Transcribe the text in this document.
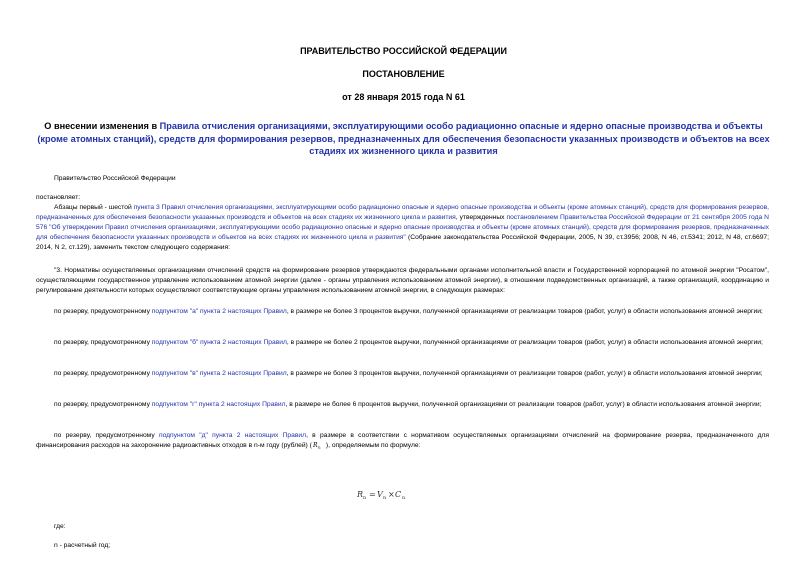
ПРАВИТЕЛЬСТВО РОССИЙСКОЙ ФЕДЕРАЦИИ
ПОСТАНОВЛЕНИЕ
от 28 января 2015 года N 61
О внесении изменения в Правила отчисления организациями, эксплуатирующими особо радиационно опасные и ядерно опасные производства и объекты (кроме атомных станций), средств для формирования резервов, предназначенных для обеспечения безопасности указанных производств и объектов на всех стадиях их жизненного цикла и развития
Правительство Российской Федерации
постановляет:
Абзацы первый - шестой пункта 3 Правил отчисления организациями, эксплуатирующими особо радиационно опасные и ядерно опасные производства и объекты (кроме атомных станций), средств для формирования резервов, предназначенных для обеспечения безопасности указанных производств и объектов на всех стадиях их жизненного цикла и развития, утвержденных постановлением Правительства Российской Федерации от 21 сентября 2005 года N 576 "Об утверждении Правил отчисления организациями, эксплуатирующими особо радиационно опасные и ядерно опасные производства и объекты (кроме атомных станций), средств для формирования резервов, предназначенных для обеспечения безопасности указанных производств и объектов на всех стадиях их жизненного цикла и развития" (Собрание законодательства Российской Федерации, 2005, N 39, ст.3956; 2008, N 46, ст.5341; 2012, N 48, ст.6697; 2014, N 2, ст.129), заменить текстом следующего содержания:
"3. Нормативы осуществляемых организациями отчислений средств на формирование резервов утверждаются федеральными органами исполнительной власти и Государственной корпорацией по атомной энергии "Росатом", осуществляющими государственное управление использованием атомной энергии (далее - органы управления использованием атомной энергии), в отношении подведомственных организаций, а также организаций, координацию и регулирование деятельности которых осуществляют соответствующие органы управления использованием атомной энергии, в следующих размерах:
по резерву, предусмотренному подпунктом "а" пункта 2 настоящих Правил, в размере не более 3 процентов выручки, полученной организациями от реализации товаров (работ, услуг) в области использования атомной энергии;
по резерву, предусмотренному подпунктом "б" пункта 2 настоящих Правил, в размере не более 2 процентов выручки, полученной организациями от реализации товаров (работ, услуг) в области использования атомной энергии;
по резерву, предусмотренному подпунктом "в" пункта 2 настоящих Правил, в размере не более 3 процентов выручки, полученной организациями от реализации товаров (работ, услуг) в области использования атомной энергии;
по резерву, предусмотренному подпунктом "г" пункта 2 настоящих Правил, в размере не более 6 процентов выручки, полученной организациями от реализации товаров (работ, услуг) в области использования атомной энергии;
по резерву, предусмотренному подпунктом "д" пункта 2 настоящих Правил, в размере в соответствии с нормативом осуществляемых организациями отчислений на формирование резерва, предназначенного для финансирования расходов на захоронение радиоактивных отходов в n-м году (рублей) ( R n ), определяемым по формуле:
R n = V n × C n
где:
n - расчетный год;
